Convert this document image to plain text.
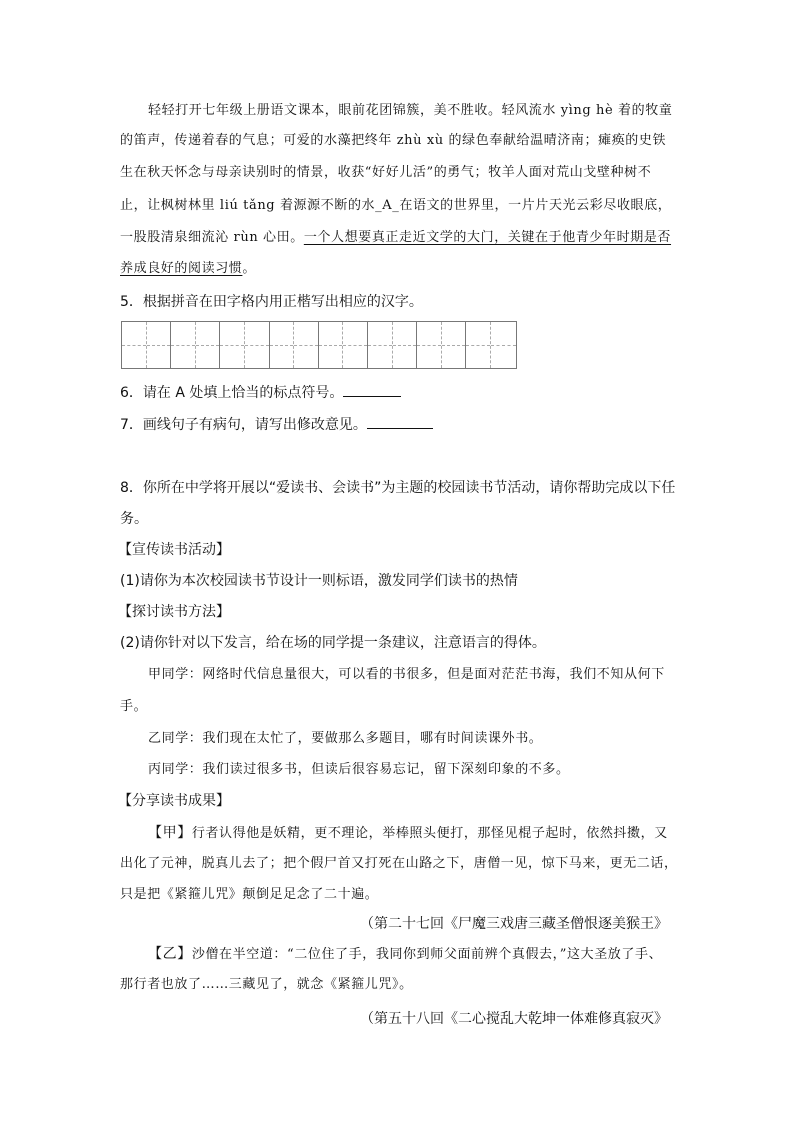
轻轻打开七年级上册语文课本，眼前花团锦簇，美不胜收。轻风流水 yìng hè 着的牧童
的笛声，传递着春的气息；可爱的水藻把终年 zhù xù 的绿色奉献给温晴济南；瘫痪的史铁
生在秋天怀念与母亲诀别时的情景，收获“好好儿活”的勇气；牧羊人面对荒山戈壁种树不
止，让枫树林里 liú tǎng 着源源不断的水_A_在语文的世界里，一片片天光云彩尽收眼底，
一股股清泉细流沁 rùn 心田。一个人想要真正走近文学的大门，关键在于他青少年时期是否
养成良好的阅读习惯。
5．根据拼音在田字格内用正楷写出相应的汉字。
6．请在 A 处填上恰当的标点符号。
7．画线句子有病句，请写出修改意见。
8．你所在中学将开展以“爱读书、会读书”为主题的校园读书节活动，请你帮助完成以下任
务。
【宣传读书活动】
(1)请你为本次校园读书节设计一则标语，激发同学们读书的热情
【探讨读书方法】
(2)请你针对以下发言，给在场的同学提一条建议，注意语言的得体。
甲同学：网络时代信息量很大，可以看的书很多，但是面对茫茫书海，我们不知从何下
手。
乙同学：我们现在太忙了，要做那么多题目，哪有时间读课外书。
丙同学：我们读过很多书，但读后很容易忘记，留下深刻印象的不多。
【分享读书成果】
【甲】行者认得他是妖精，更不理论，举棒照头便打，那怪见棍子起时，依然抖擞，又
出化了元神，脱真儿去了；把个假尸首又打死在山路之下，唐僧一见，惊下马来，更无二话，
只是把《紧箍儿咒》颠倒足足念了二十遍。
（第二十七回《尸魔三戏唐三藏圣僧恨逐美猴王》
【乙】沙僧在半空道：“二位住了手，我同你到师父面前辨个真假去，”这大圣放了手、
那行者也放了……三藏见了，就念《紧箍儿咒》。
（第五十八回《二心搅乱大乾坤一体难修真寂灭》
